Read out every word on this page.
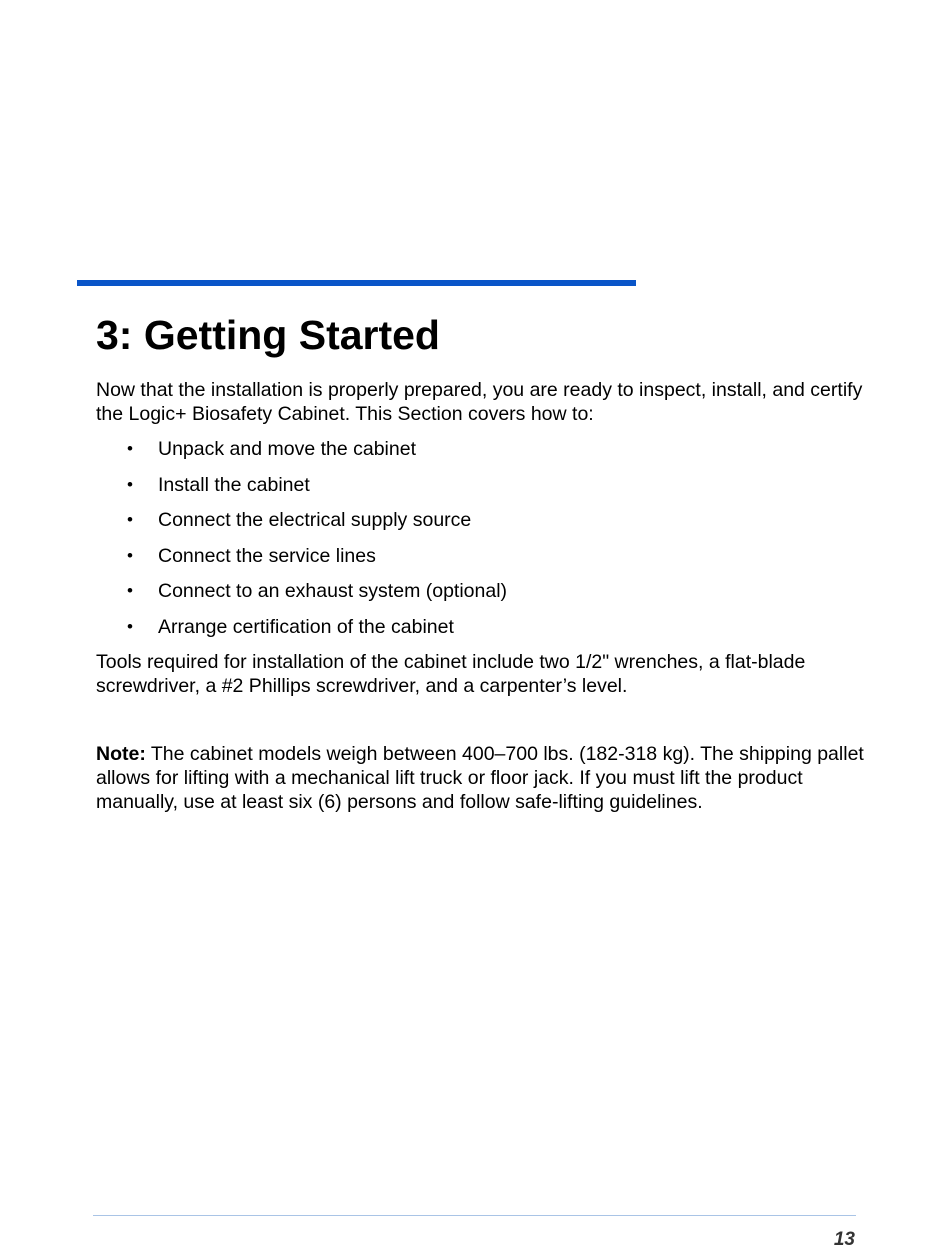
3: Getting Started

Now that the installation is properly prepared, you are ready to inspect, install, and certify the Logic+ Biosafety Cabinet. This Section covers how to:

• Unpack and move the cabinet
• Install the cabinet
• Connect the electrical supply source
• Connect the service lines
• Connect to an exhaust system (optional)
• Arrange certification of the cabinet

Tools required for installation of the cabinet include two 1/2" wrenches, a flat-blade screwdriver, a #2 Phillips screwdriver, and a carpenter’s level.

Note: The cabinet models weigh between 400–700 lbs. (182-318 kg). The shipping pallet allows for lifting with a mechanical lift truck or floor jack. If you must lift the product manually, use at least six (6) persons and follow safe-lifting guidelines.

13
